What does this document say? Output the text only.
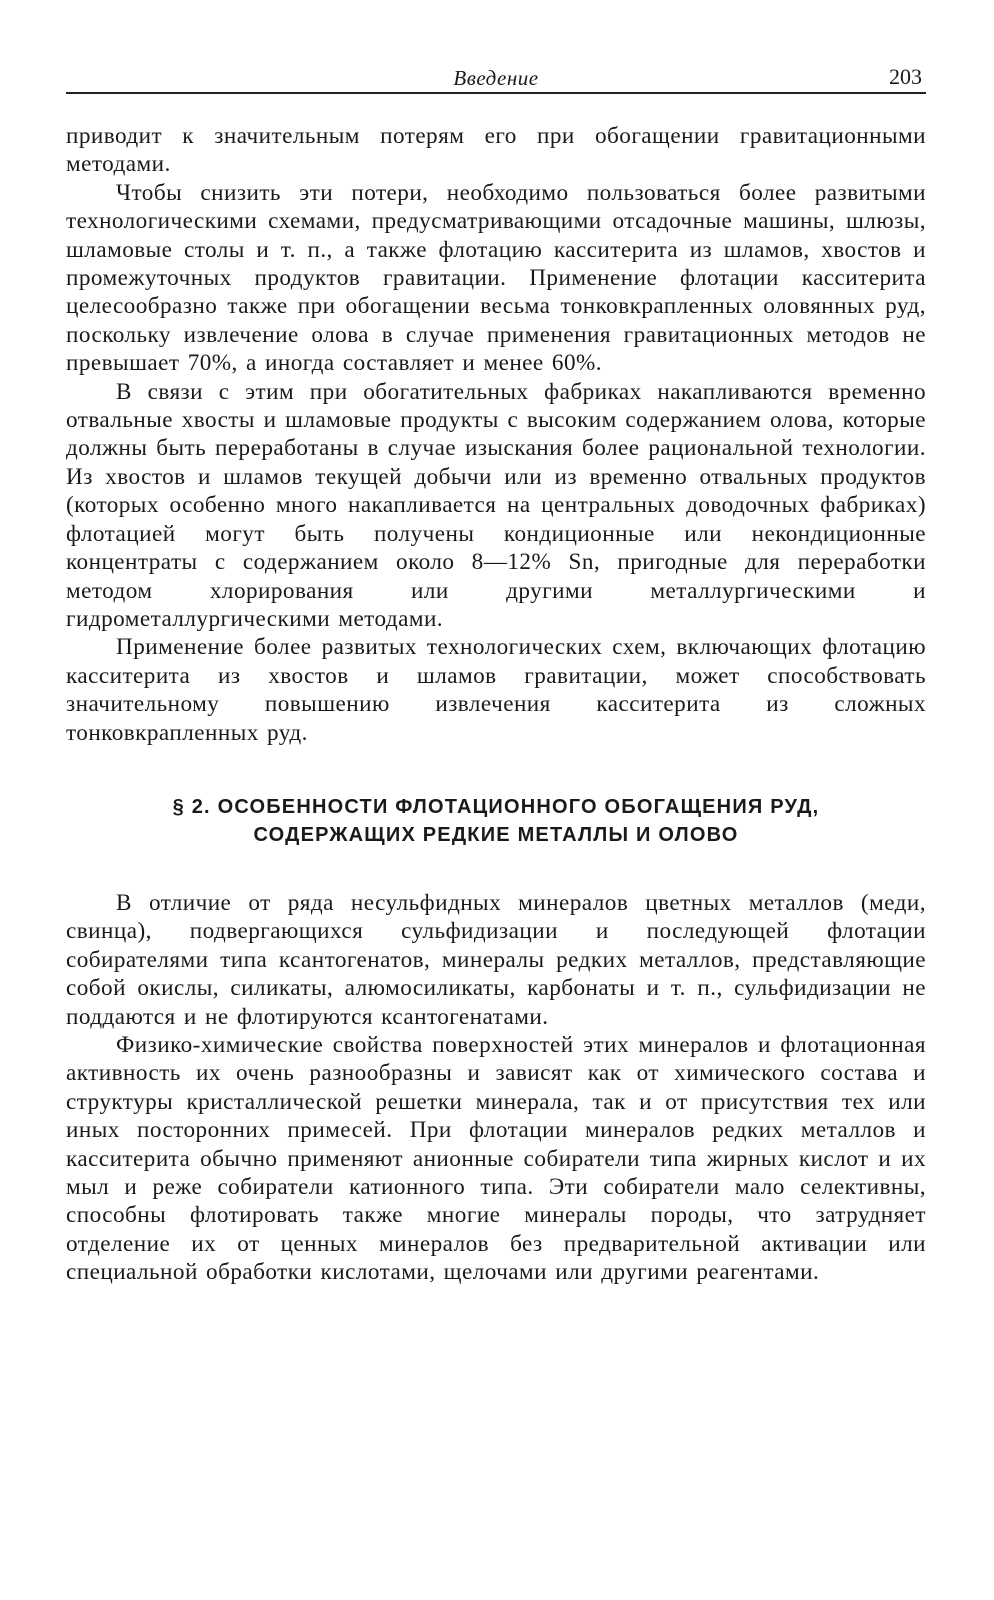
Введение	203

приводит к значительным потерям его при обогащении гравитационными методами.

Чтобы снизить эти потери, необходимо пользоваться более развитыми технологическими схемами, предусматривающими отсадочные машины, шлюзы, шламовые столы и т. п., а также флотацию касситерита из шламов, хвостов и промежуточных продуктов гравитации. Применение флотации касситерита целесообразно также при обогащении весьма тонковкрапленных оловянных руд, поскольку извлечение олова в случае применения гравитационных методов не превышает 70%, а иногда составляет и менее 60%.

В связи с этим при обогатительных фабриках накапливаются временно отвальные хвосты и шламовые продукты с высоким содержанием олова, которые должны быть переработаны в случае изыскания более рациональной технологии. Из хвостов и шламов текущей добычи или из временно отвальных продуктов (которых особенно много накапливается на центральных доводочных фабриках) флотацией могут быть получены кондиционные или некондиционные концентраты с содержанием около 8—12% Sn, пригодные для переработки методом хлорирования или другими металлургическими и гидрометаллургическими методами.

Применение более развитых технологических схем, включающих флотацию касситерита из хвостов и шламов гравитации, может способствовать значительному повышению извлечения касситерита из сложных тонковкрапленных руд.

§ 2. ОСОБЕННОСТИ ФЛОТАЦИОННОГО ОБОГАЩЕНИЯ РУД,
СОДЕРЖАЩИХ РЕДКИЕ МЕТАЛЛЫ И ОЛОВО

В отличие от ряда несульфидных минералов цветных металлов (меди, свинца), подвергающихся сульфидизации и последующей флотации собирателями типа ксантогенатов, минералы редких металлов, представляющие собой окислы, силикаты, алюмосиликаты, карбонаты и т. п., сульфидизации не поддаются и не флотируются ксантогенатами.

Физико-химические свойства поверхностей этих минералов и флотационная активность их очень разнообразны и зависят как от химического состава и структуры кристаллической решетки минерала, так и от присутствия тех или иных посторонних примесей. При флотации минералов редких металлов и касситерита обычно применяют анионные собиратели типа жирных кислот и их мыл и реже собиратели катионного типа. Эти собиратели мало селективны, способны флотировать также многие минералы породы, что затрудняет отделение их от ценных минералов без предварительной активации или специальной обработки кислотами, щелочами или другими реагентами.
